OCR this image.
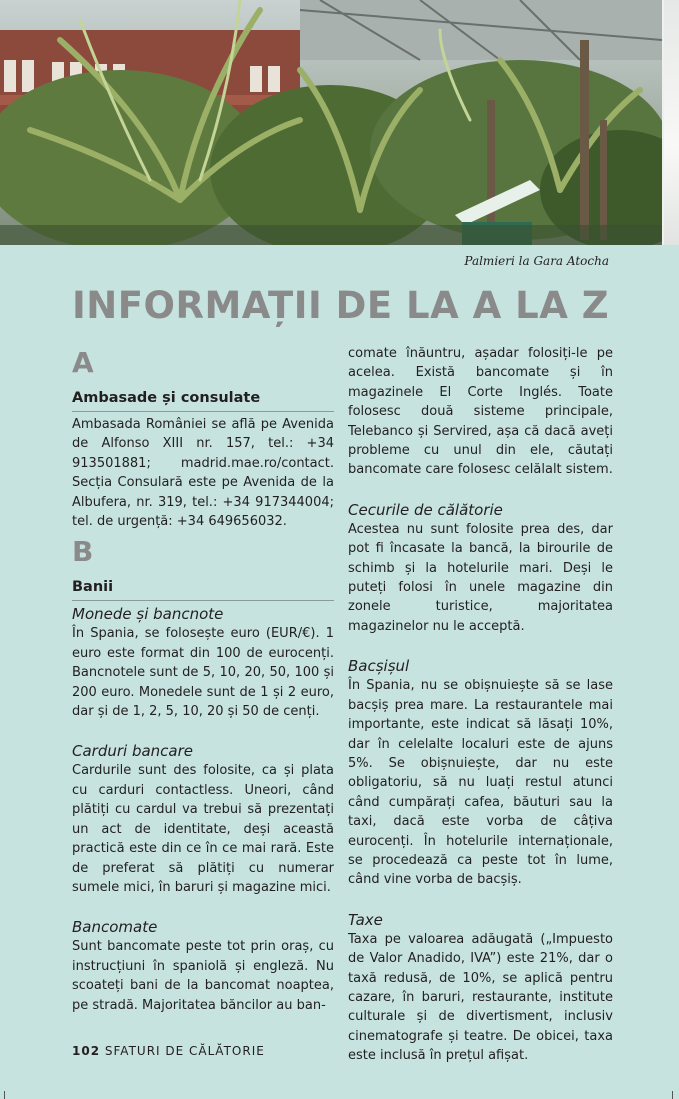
Palmieri la Gara Atocha
INFORMAȚII DE LA A LA Z
A
Ambasade și consulate

Ambasada României se află pe Avenida de Alfonso XIII nr. 157, tel.: +34 913501881; madrid.mae.ro/contact. Secția Consulară este pe Avenida de la Albufera, nr. 319, tel.: +34 917344004; tel. de urgență: +34 649656032.

B
Banii
Monede și bancnote

În Spania, se folosește euro (EUR/€). 1 euro este format din 100 de eurocenți. Bancnotele sunt de 5, 10, 20, 50, 100 și 200 euro. Monedele sunt de 1 și 2 euro, dar și de 1, 2, 5, 10, 20 și 50 de cenți.

Carduri bancare

Cardurile sunt des folosite, ca și plata cu carduri contactless. Uneori, când plătiți cu cardul va trebui să prezentați un act de identitate, deși această practică este din ce în ce mai rară. Este de preferat să plătiți cu numerar sumele mici, în baruri și magazine mici.

Bancomate

Sunt bancomate peste tot prin oraș, cu instrucțiuni în spaniolă și engleză. Nu scoateți bani de la bancomat noaptea, pe stradă. Majoritatea băncilor au ban-

comate înăuntru, așadar folosiți-le pe acelea. Există bancomate și în magazinele El Corte Inglés. Toate folosesc două sisteme principale, Telebanco și Servired, așa că dacă aveți probleme cu unul din ele, căutați bancomate care folosesc celălalt sistem.

Cecurile de călătorie

Acestea nu sunt folosite prea des, dar pot fi încasate la bancă, la birourile de schimb și la hotelurile mari. Deși le puteți folosi în unele magazine din zonele turistice, majoritatea magazinelor nu le acceptă.

Bacșișul

În Spania, nu se obișnuiește să se lase bacșiș prea mare. La restaurantele mai importante, este indicat să lăsați 10%, dar în celelalte localuri este de ajuns 5%. Se obișnuiește, dar nu este obligatoriu, să nu luați restul atunci când cumpărați cafea, băuturi sau la taxi, dacă este vorba de câțiva eurocenți. În hotelurile internaționale, se procedează ca peste tot în lume, când vine vorba de bacșiș.

Taxe

Taxa pe valoarea adăugată („Impuesto de Valor Anadido, IVA”) este 21%, dar o taxă redusă, de 10%, se aplică pentru cazare, în baruri, restaurante, institute culturale și de divertisment, inclusiv cinematografe și teatre. De obicei, taxa este inclusă în prețul afișat.

102 SFATURI DE CĂLĂTORIE
